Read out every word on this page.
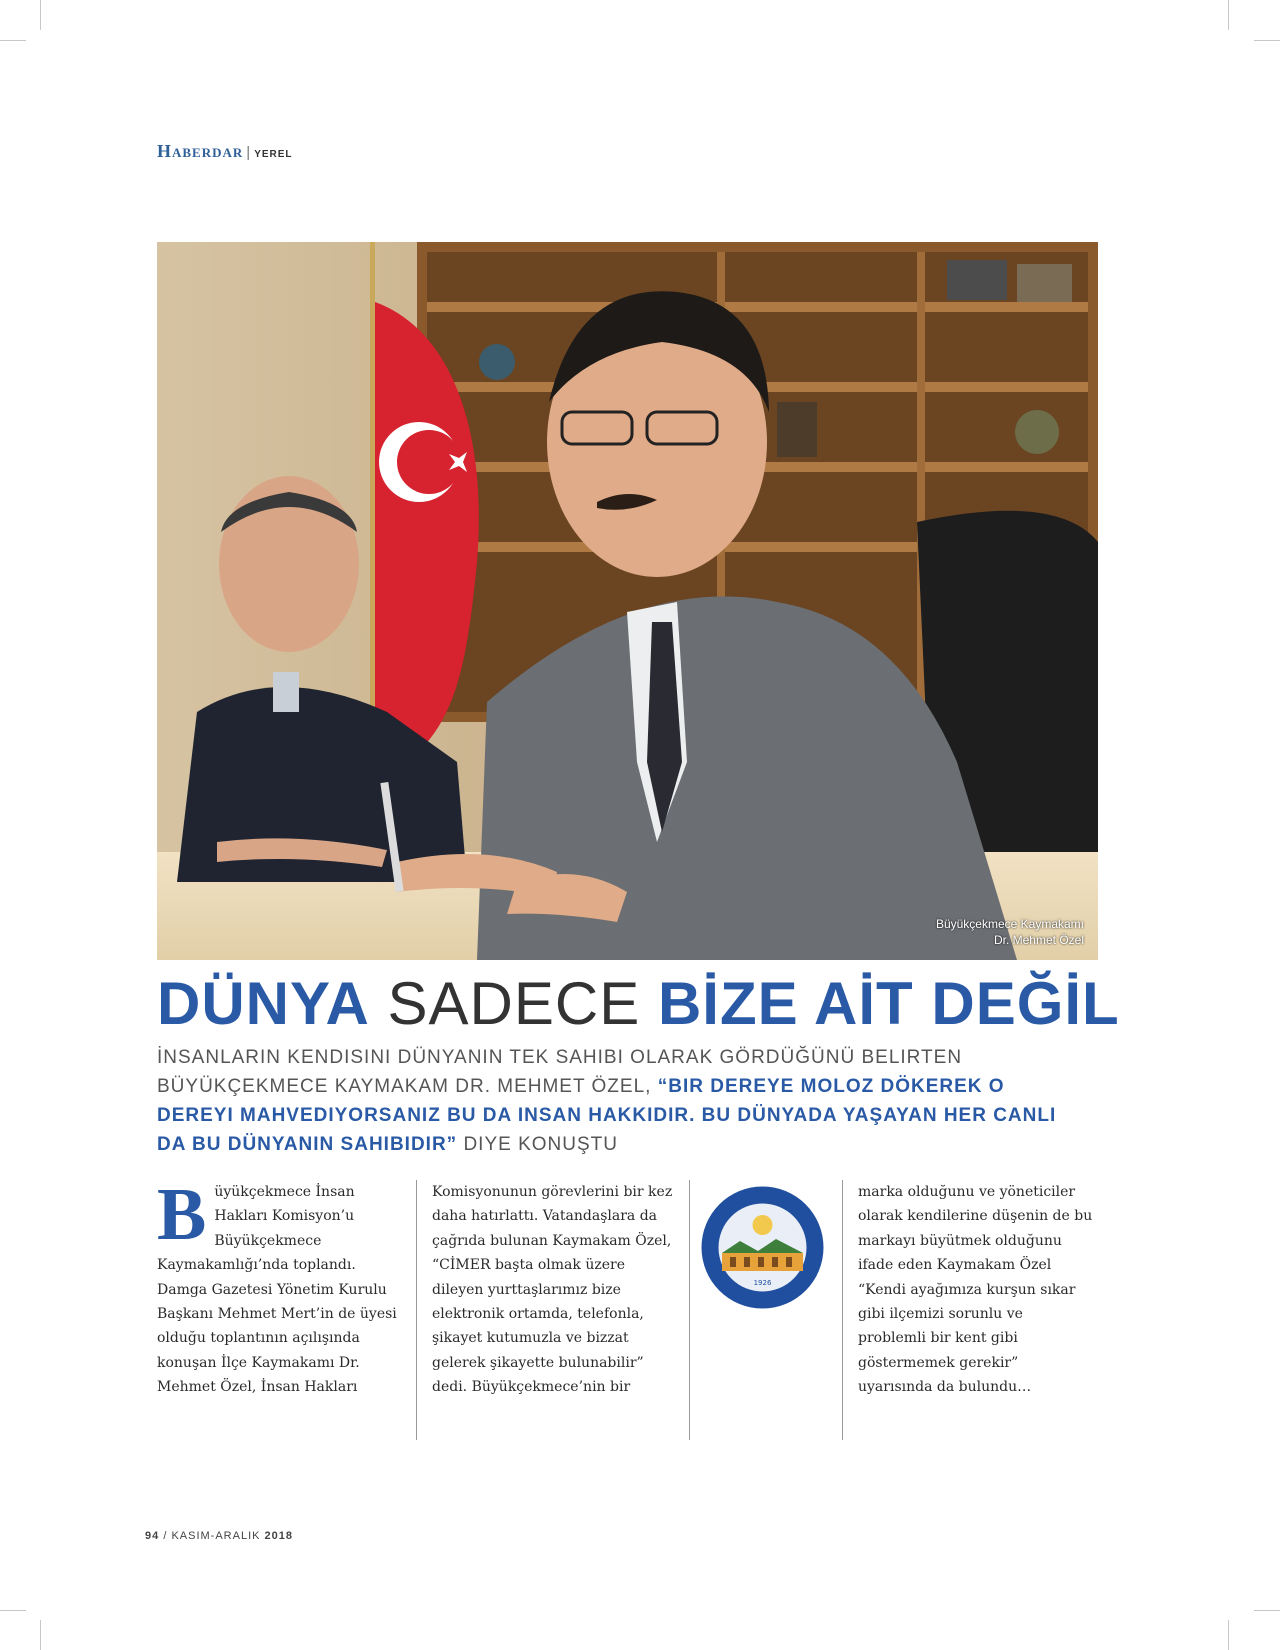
Haberdar | YEREL
Büyükçekmece Kaymakamı
Dr. Mehmet Özel
DÜNYA SADECE BİZE AİT DEĞİL
İNSANLARIN KENDISINI DÜNYANIN TEK SAHIBI OLARAK GÖRDÜĞÜNÜ BELIRTEN BÜYÜKÇEKMECE KAYMAKAM DR. MEHMET ÖZEL, “BIR DEREYE MOLOZ DÖKEREK O DEREYI MAHVEDIYORSANIZ BU DA INSAN HAKKIDIR. BU DÜNYADA YAŞAYAN HER CANLI DA BU DÜNYANIN SAHIBIDIR” DIYE KONUŞTU
B üyükçekmece İnsan Hakları Komisyon’u Büyükçekmece Kaymakamlığı’nda toplandı. Damga Gazetesi Yönetim Kurulu Başkanı Mehmet Mert’in de üyesi olduğu toplantının açılışında konuşan İlçe Kaymakamı Dr. Mehmet Özel, İnsan Hakları
Komisyonunun görevlerini bir kez daha hatırlattı. Vatandaşlara da çağrıda bulunan Kaymakam Özel, “CİMER başta olmak üzere dileyen yurttaşlarımız bize elektronik ortamda, telefonla, şikayet kutumuzla ve bizzat gelerek şikayette bulunabilir” dedi. Büyükçekmece’nin bir
1926
marka olduğunu ve yöneticiler olarak kendilerine düşenin de bu markayı büyütmek olduğunu ifade eden Kaymakam Özel “Kendi ayağımıza kurşun sıkar gibi ilçemizi sorunlu ve problemli bir kent gibi göstermemek gerekir” uyarısında da bulundu…
94 / KASIM-ARALIK 2018
